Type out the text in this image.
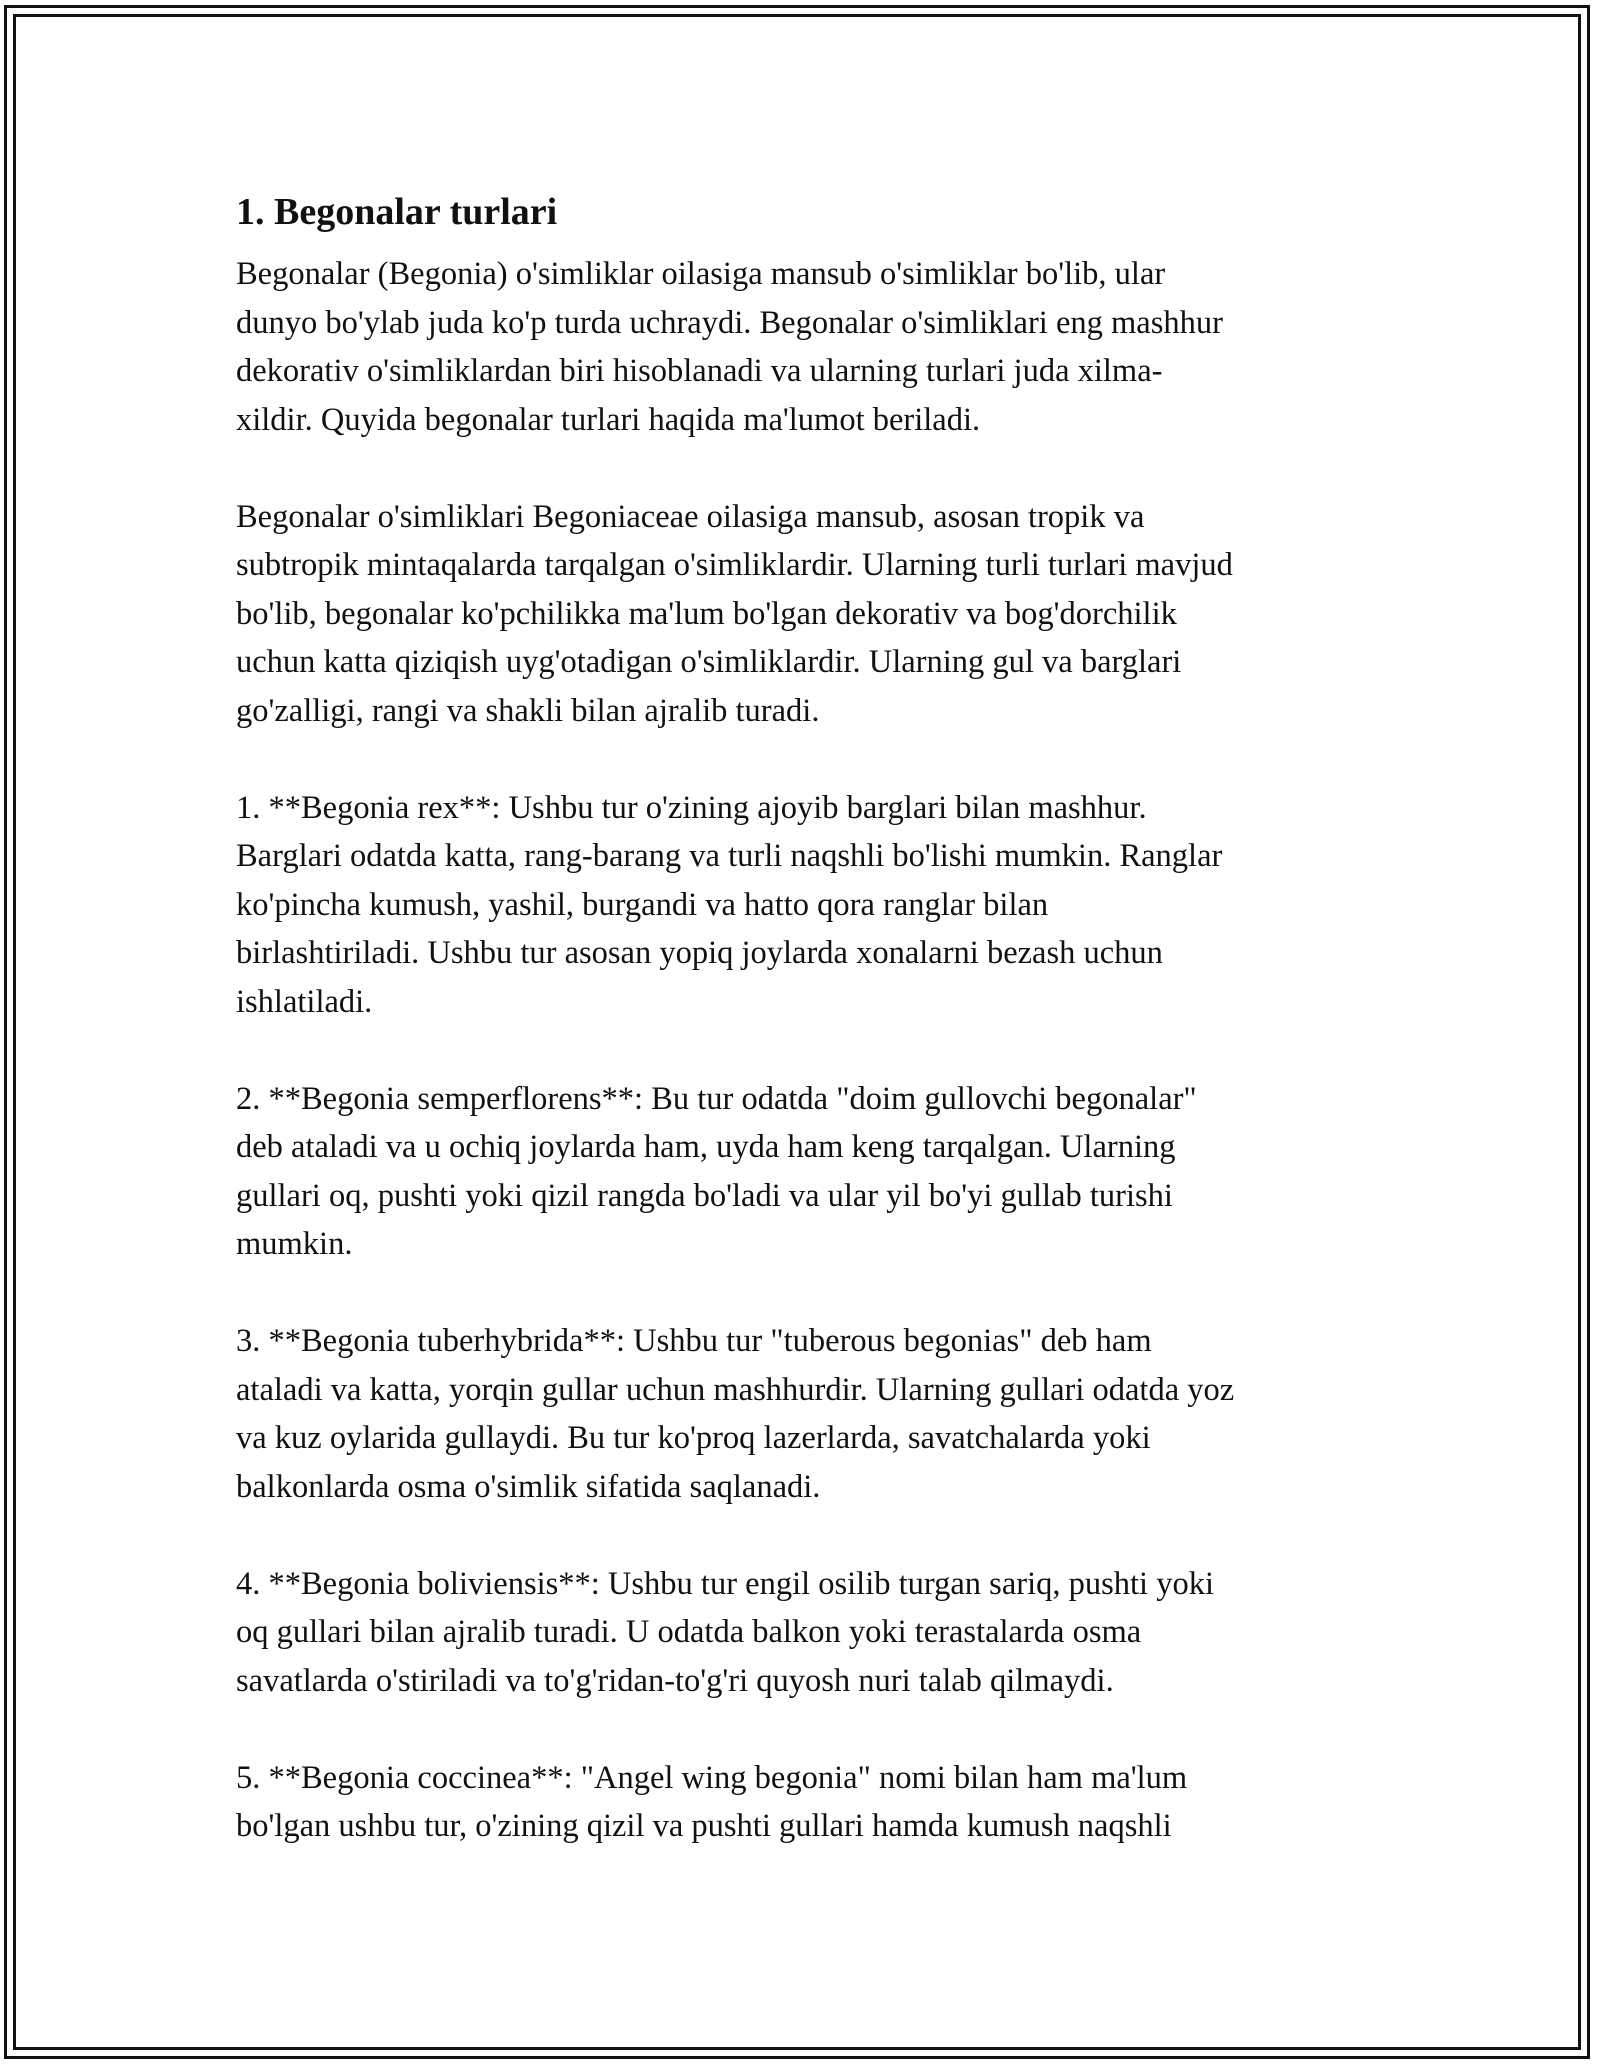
1. Begonalar turlari
Begonalar (Begonia) o'simliklar oilasiga mansub o'simliklar bo'lib, ular
dunyo bo'ylab juda ko'p turda uchraydi. Begonalar o'simliklari eng mashhur
dekorativ o'simliklardan biri hisoblanadi va ularning turlari juda xilma-
xildir. Quyida begonalar turlari haqida ma'lumot beriladi.
Begonalar o'simliklari Begoniaceae oilasiga mansub, asosan tropik va
subtropik mintaqalarda tarqalgan o'simliklardir. Ularning turli turlari mavjud
bo'lib, begonalar ko'pchilikka ma'lum bo'lgan dekorativ va bog'dorchilik
uchun katta qiziqish uyg'otadigan o'simliklardir. Ularning gul va barglari
go'zalligi, rangi va shakli bilan ajralib turadi.
1. **Begonia rex**: Ushbu tur o'zining ajoyib barglari bilan mashhur.
Barglari odatda katta, rang-barang va turli naqshli bo'lishi mumkin. Ranglar
ko'pincha kumush, yashil, burgandi va hatto qora ranglar bilan
birlashtiriladi. Ushbu tur asosan yopiq joylarda xonalarni bezash uchun
ishlatiladi.
2. **Begonia semperflorens**: Bu tur odatda "doim gullovchi begonalar"
deb ataladi va u ochiq joylarda ham, uyda ham keng tarqalgan. Ularning
gullari oq, pushti yoki qizil rangda bo'ladi va ular yil bo'yi gullab turishi
mumkin.
3. **Begonia tuberhybrida**: Ushbu tur "tuberous begonias" deb ham
ataladi va katta, yorqin gullar uchun mashhurdir. Ularning gullari odatda yoz
va kuz oylarida gullaydi. Bu tur ko'proq lazerlarda, savatchalarda yoki
balkonlarda osma o'simlik sifatida saqlanadi.
4. **Begonia boliviensis**: Ushbu tur engil osilib turgan sariq, pushti yoki
oq gullari bilan ajralib turadi. U odatda balkon yoki terastalarda osma
savatlarda o'stiriladi va to'g'ridan-to'g'ri quyosh nuri talab qilmaydi.
5. **Begonia coccinea**: "Angel wing begonia" nomi bilan ham ma'lum
bo'lgan ushbu tur, o'zining qizil va pushti gullari hamda kumush naqshli
